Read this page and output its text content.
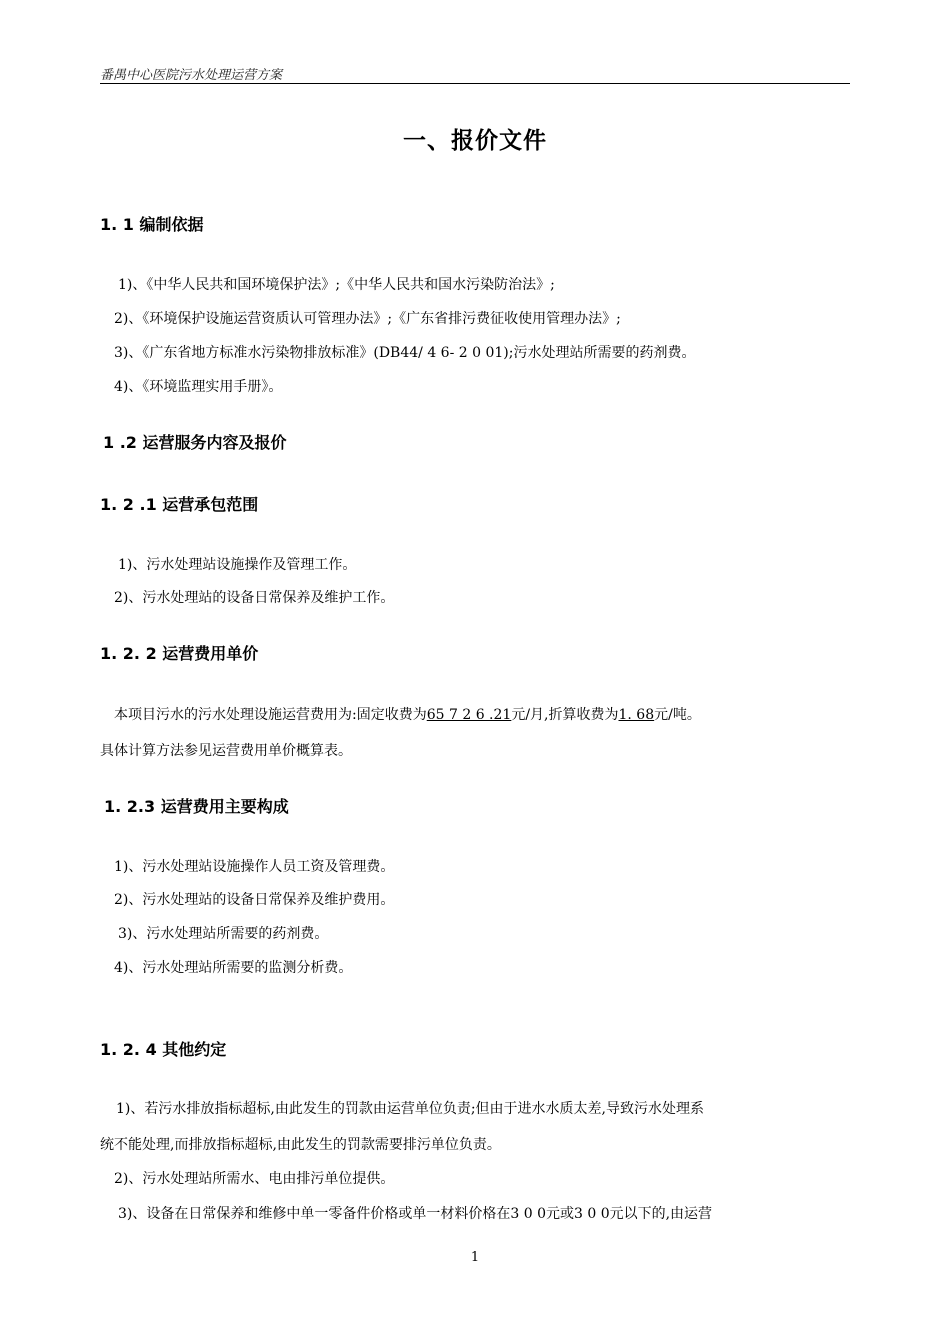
番禺中心医院污水处理运营方案
一、报价文件
1. 1 编制依据
1)、《中华人民共和国环境保护法》;《中华人民共和国水污染防治法》;
2)、《环境保护设施运营资质认可管理办法》;《广东省排污费征收使用管理办法》;
3)、《广东省地方标准水污染物排放标准》(DB44/ 4 6- 2 0 01);污水处理站所需要的药剂费。
4)、《环境监理实用手册》。
1 .2 运营服务内容及报价
1. 2 .1 运营承包范围
1)、污水处理站设施操作及管理工作。
2)、污水处理站的设备日常保养及维护工作。
1. 2. 2 运营费用单价
本项目污水的污水处理设施运营费用为:固定收费为65 7 2 6 .21元/月,折算收费为1. 68元/吨。
具体计算方法参见运营费用单价概算表。
1. 2.3 运营费用主要构成
1)、污水处理站设施操作人员工资及管理费。
2)、污水处理站的设备日常保养及维护费用。
3)、污水处理站所需要的药剂费。
4)、污水处理站所需要的监测分析费。
1. 2. 4 其他约定
1)、若污水排放指标超标,由此发生的罚款由运营单位负责;但由于进水水质太差,导致污水处理系
统不能处理,而排放指标超标,由此发生的罚款需要排污单位负责。
2)、污水处理站所需水、电由排污单位提供。
3)、设备在日常保养和维修中单一零备件价格或单一材料价格在3 0 0元或3 0 0元以下的,由运营
1
